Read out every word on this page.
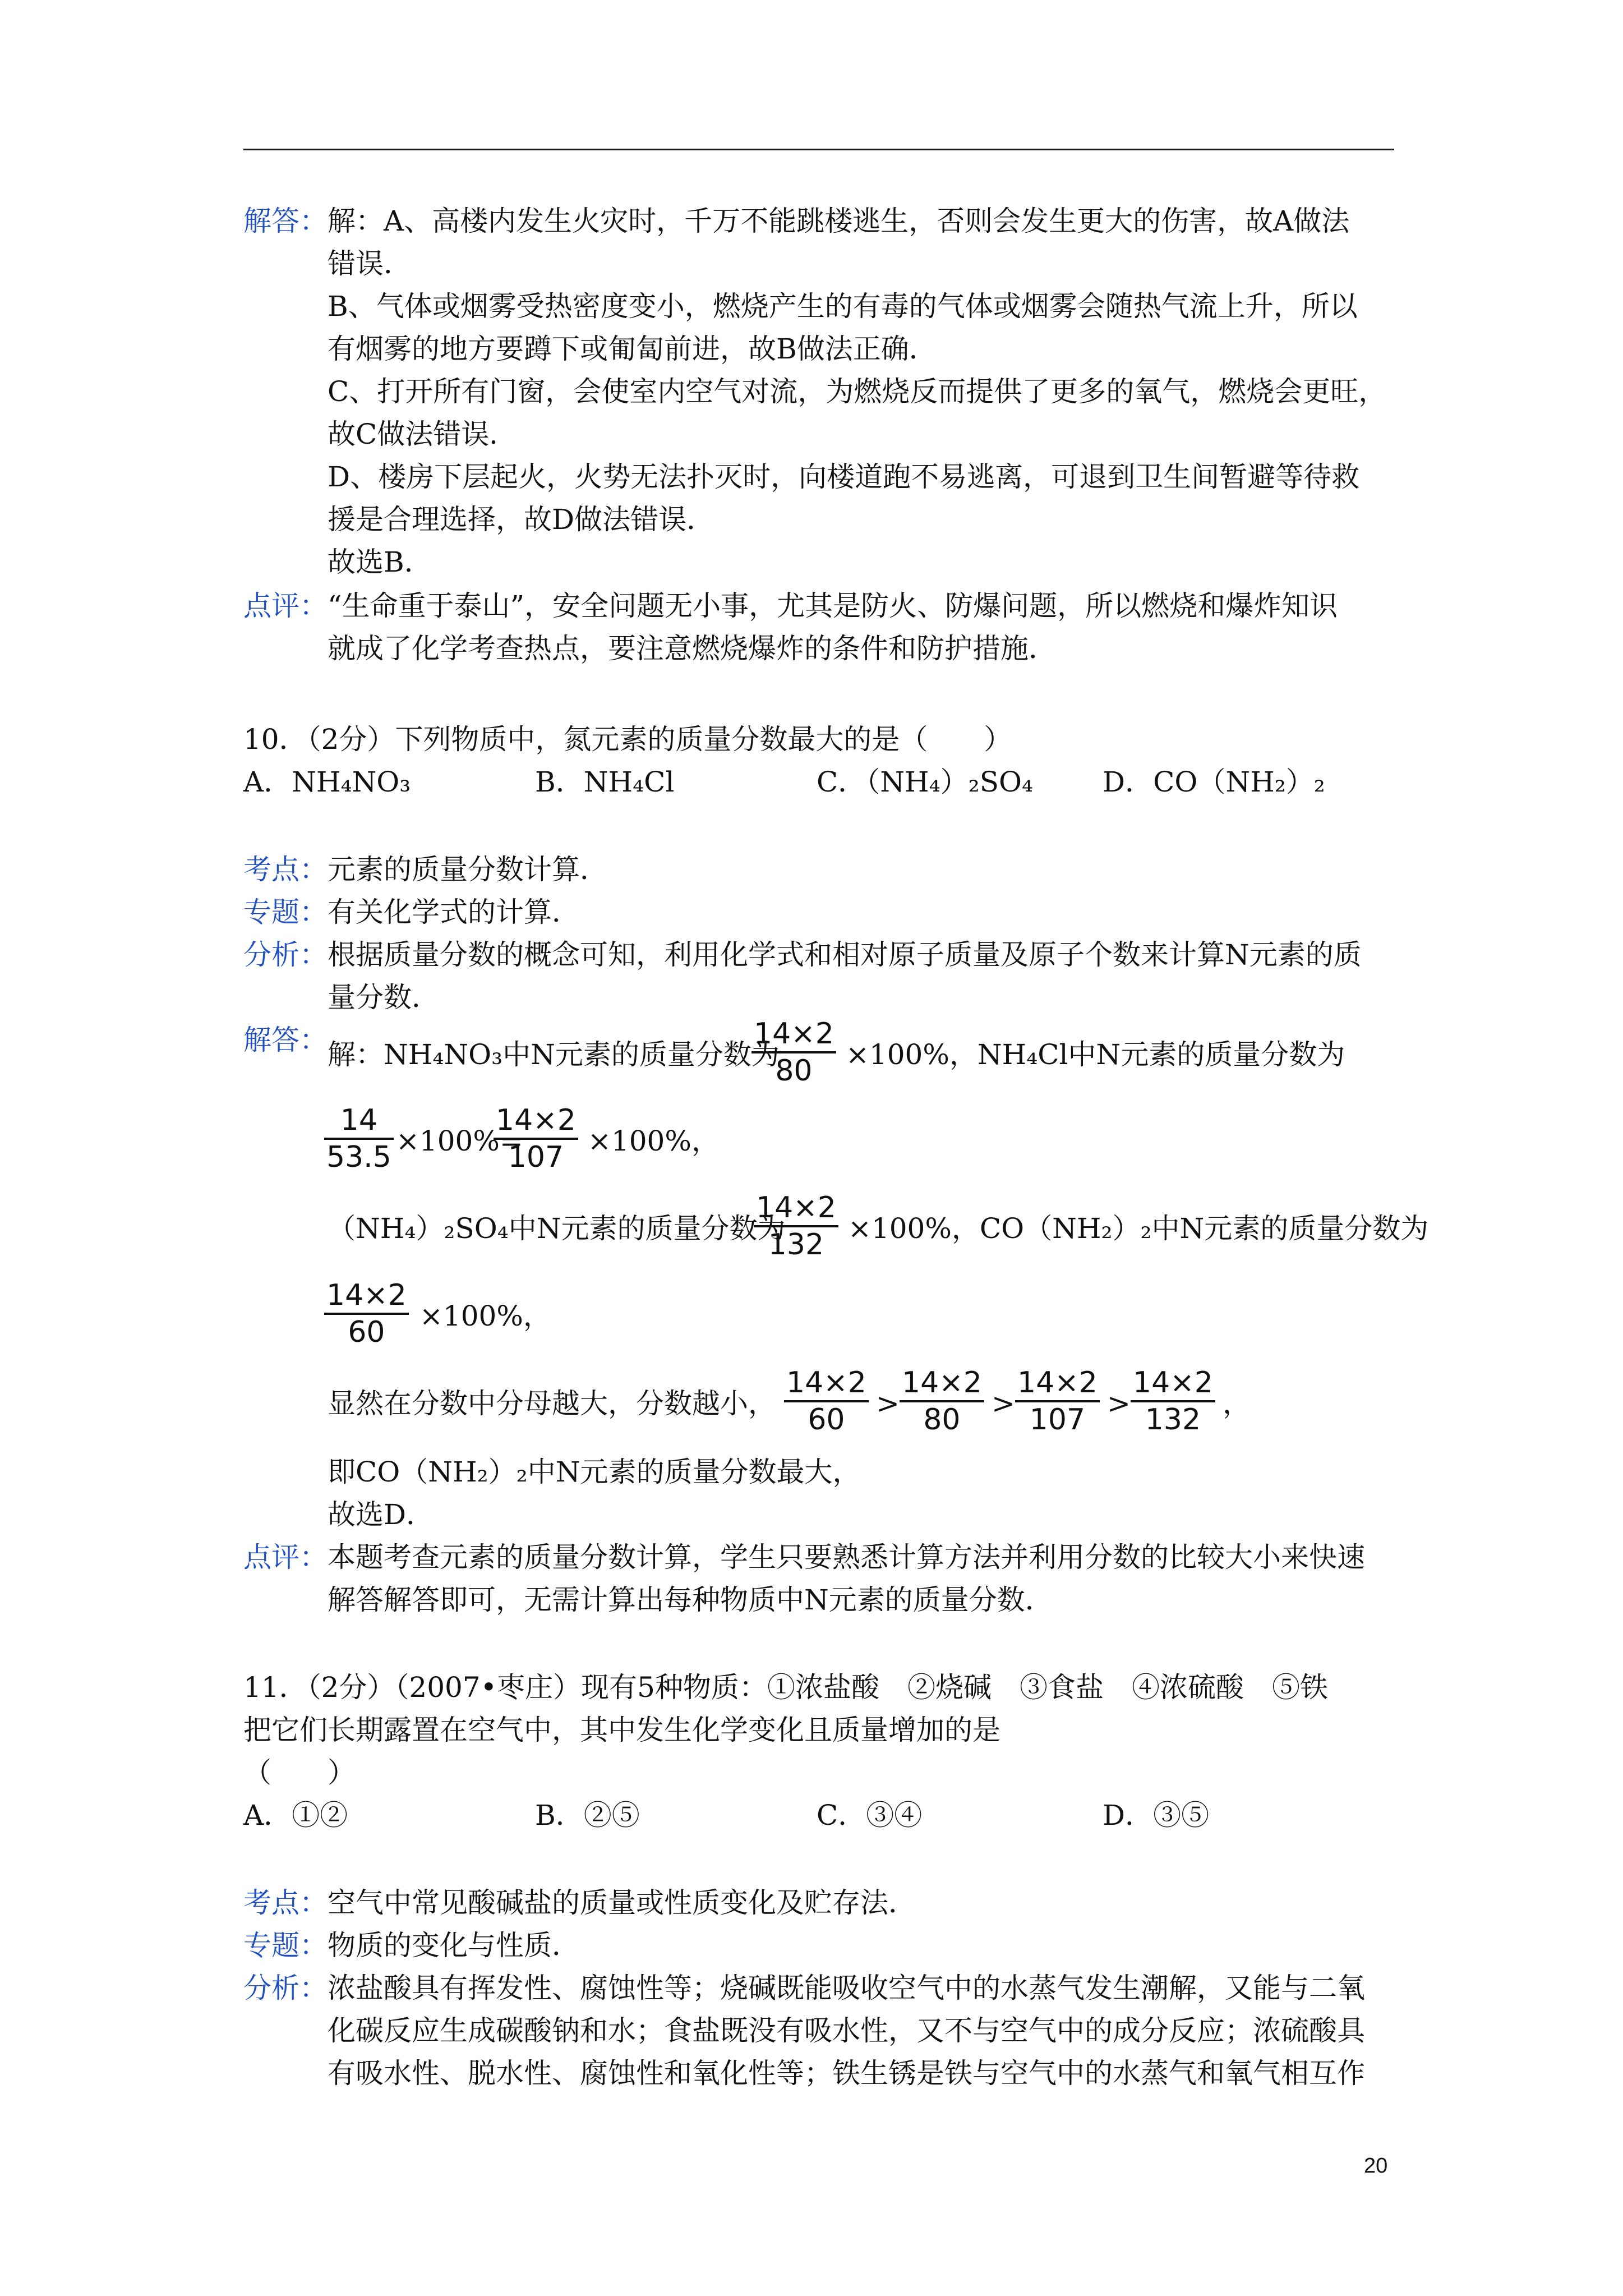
解答： 解：A、高楼内发生火灾时，千万不能跳楼逃生，否则会发生更大的伤害，故A做法
错误．
B、气体或烟雾受热密度变小，燃烧产生的有毒的气体或烟雾会随热气流上升，所以
有烟雾的地方要蹲下或匍匐前进，故B做法正确．
C、打开所有门窗，会使室内空气对流，为燃烧反而提供了更多的氧气，燃烧会更旺，
故C做法错误．
D、楼房下层起火，火势无法扑灭时，向楼道跑不易逃离，可退到卫生间暂避等待救
援是合理选择，故D做法错误．
故选B．
点评： “生命重于泰山”，安全问题无小事，尤其是防火、防爆问题，所以燃烧和爆炸知识
就成了化学考查热点，要注意燃烧爆炸的条件和防护措施．
10．（2分）下列物质中，氮元素的质量分数最大的是（　　）
A．NH₄NO₃	B．NH₄Cl	C．（NH₄）₂SO₄ D．CO（NH₂）₂
考点： 元素的质量分数计算．
专题： 有关化学式的计算．
分析： 根据质量分数的概念可知，利用化学式和相对原子质量及原子个数来计算N元素的质
量分数．
解答： 解：NH₄NO₃中N元素的质量分数为
$\frac{14\times 2}{80} \times 100\%$，NH₄Cl中N元素的质量分数为
$\frac{14}{53.5} \times 100\%=$
$\frac{14\times 2}{107} \times 100\%$，
（NH₄）₂SO₄中N元素的质量分数为
$\frac{14\times 2}{132} \times 100\%$，CO（NH₂）₂中N元素的质量分数为
$\frac{14\times 2}{60} \times 100\%$，
显然在分数中分母越大，分数越小， $\frac{14\times 2}{60} > \frac{14\times 2}{80} > \frac{14\times 2}{107} > \frac{14\times 2}{132}$ ，
即CO（NH₂）₂中N元素的质量分数最大，
故选D．
点评： 本题考查元素的质量分数计算，学生只要熟悉计算方法并利用分数的比较大小来快速
解答解答即可，无需计算出每种物质中N元素的质量分数．
11．（2分）（2007•枣庄）现有5种物质：①浓盐酸　②烧碱　③食盐　④浓硫酸　⑤铁
把它们长期露置在空气中，其中发生化学变化且质量增加的是
（　　）
A．①②	B．②⑤	C．③④	D．③⑤
考点： 空气中常见酸碱盐的质量或性质变化及贮存法．
专题： 物质的变化与性质．
分析： 浓盐酸具有挥发性、腐蚀性等；烧碱既能吸收空气中的水蒸气发生潮解，又能与二氧
化碳反应生成碳酸钠和水；食盐既没有吸水性，又不与空气中的成分反应；浓硫酸具
有吸水性、脱水性、腐蚀性和氧化性等；铁生锈是铁与空气中的水蒸气和氧气相互作
20
